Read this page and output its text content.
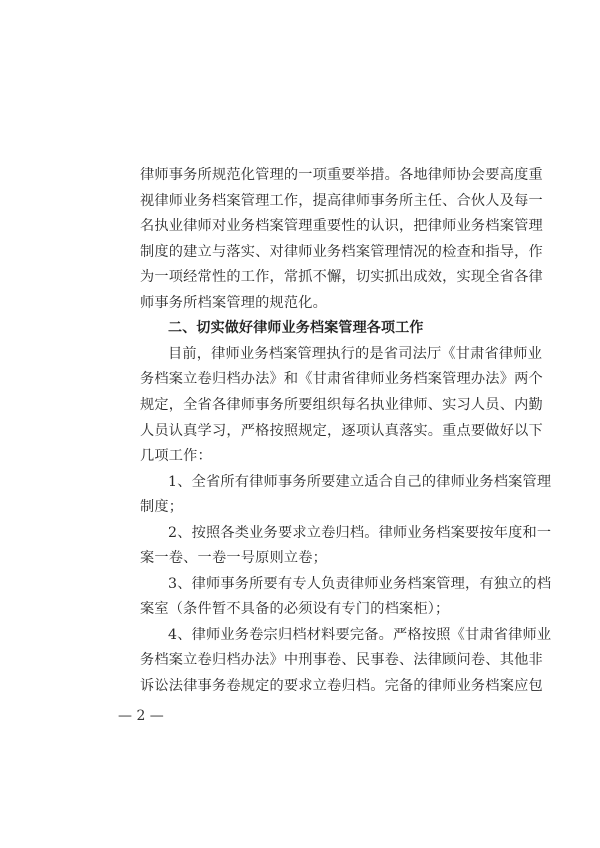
律师事务所规范化管理的一项重要举措。各地律师协会要高度重
视律师业务档案管理工作，提高律师事务所主任、合伙人及每一
名执业律师对业务档案管理重要性的认识，把律师业务档案管理
制度的建立与落实、对律师业务档案管理情况的检查和指导，作
为一项经常性的工作，常抓不懈，切实抓出成效，实现全省各律
师事务所档案管理的规范化。
二、切实做好律师业务档案管理各项工作
目前，律师业务档案管理执行的是省司法厅《甘肃省律师业
务档案立卷归档办法》和《甘肃省律师业务档案管理办法》两个
规定，全省各律师事务所要组织每名执业律师、实习人员、内勤
人员认真学习，严格按照规定，逐项认真落实。重点要做好以下
几项工作：
1、全省所有律师事务所要建立适合自己的律师业务档案管理
制度；
2、按照各类业务要求立卷归档。律师业务档案要按年度和一
案一卷、一卷一号原则立卷；
3、律师事务所要有专人负责律师业务档案管理，有独立的档
案室（条件暂不具备的必须设有专门的档案柜）；
— 2 —
4、律师业务卷宗归档材料要完备。严格按照《甘肃省律师业
务档案立卷归档办法》中刑事卷、民事卷、法律顾问卷、其他非
诉讼法律事务卷规定的要求立卷归档。完备的律师业务档案应包
